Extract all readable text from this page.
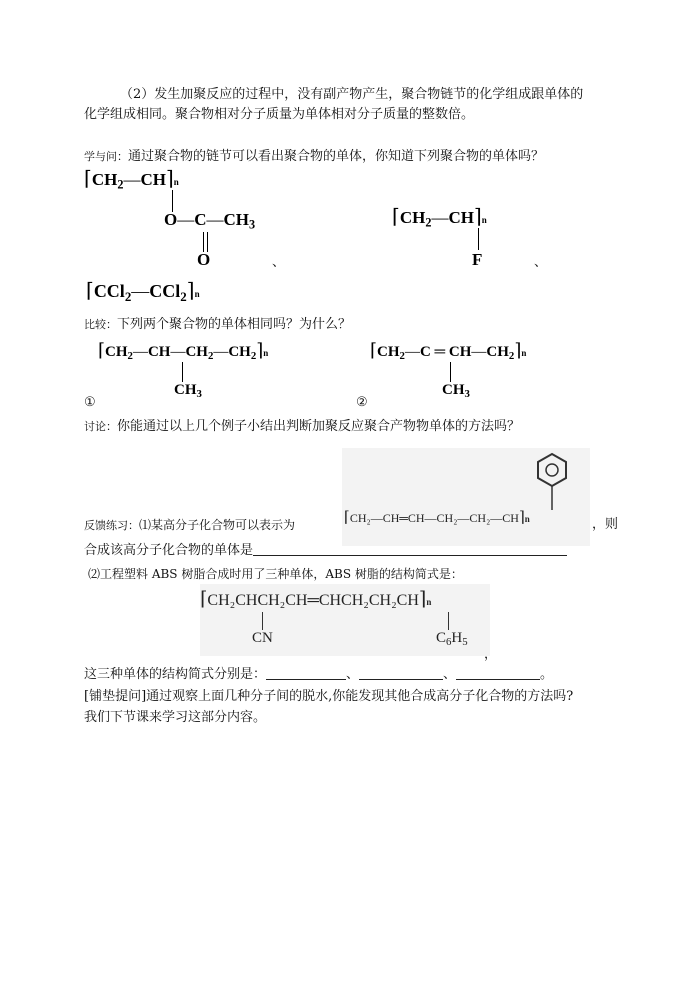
（2）发生加聚反应的过程中，没有副产物产生，聚合物链节的化学组成跟单体的
化学组成相同。聚合物相对分子质量为单体相对分子质量的整数倍。
学与问：通过聚合物的链节可以看出聚合物的单体，你知道下列聚合物的单体吗？
$⌈CH_2—CH⌉n$
$O—C—CH_3$
O	、
$⌈CH_2—CH⌉n$
F	、
⌈CCl$_2$—CCl$_2$⌉n
比较：下列两个聚合物的单体相同吗？为什么？
$⌈CH_2—CH—CH_2—CH_2⌉n$
$CH_3$
①
$⌈CH_2—C$ ═ $CH—CH_2⌉n$
$CH_3$
②
讨论：你能通过以上几个例子小结出判断加聚反应聚合产物物单体的方法吗？
⌈CH₂—CH═CH—CH₂—CH₂—CH⌉n
反馈练习：⑴某高分子化合物可以表示为	，则
合成该高分子化合物的单体是
⑵工程塑料 ABS 树脂合成时用了三种单体，ABS 树脂的结构简式是：
⌈CH₂CHCH₂CH═CHCH₂CH₂CH⌉n
CN	$C_6H_5$
，
这三种单体的结构简式分别是：	、	、	。
[铺垫提问]通过观察上面几种分子间的脱水,你能发现其他合成高分子化合物的方法吗?
我们下节课来学习这部分内容。
